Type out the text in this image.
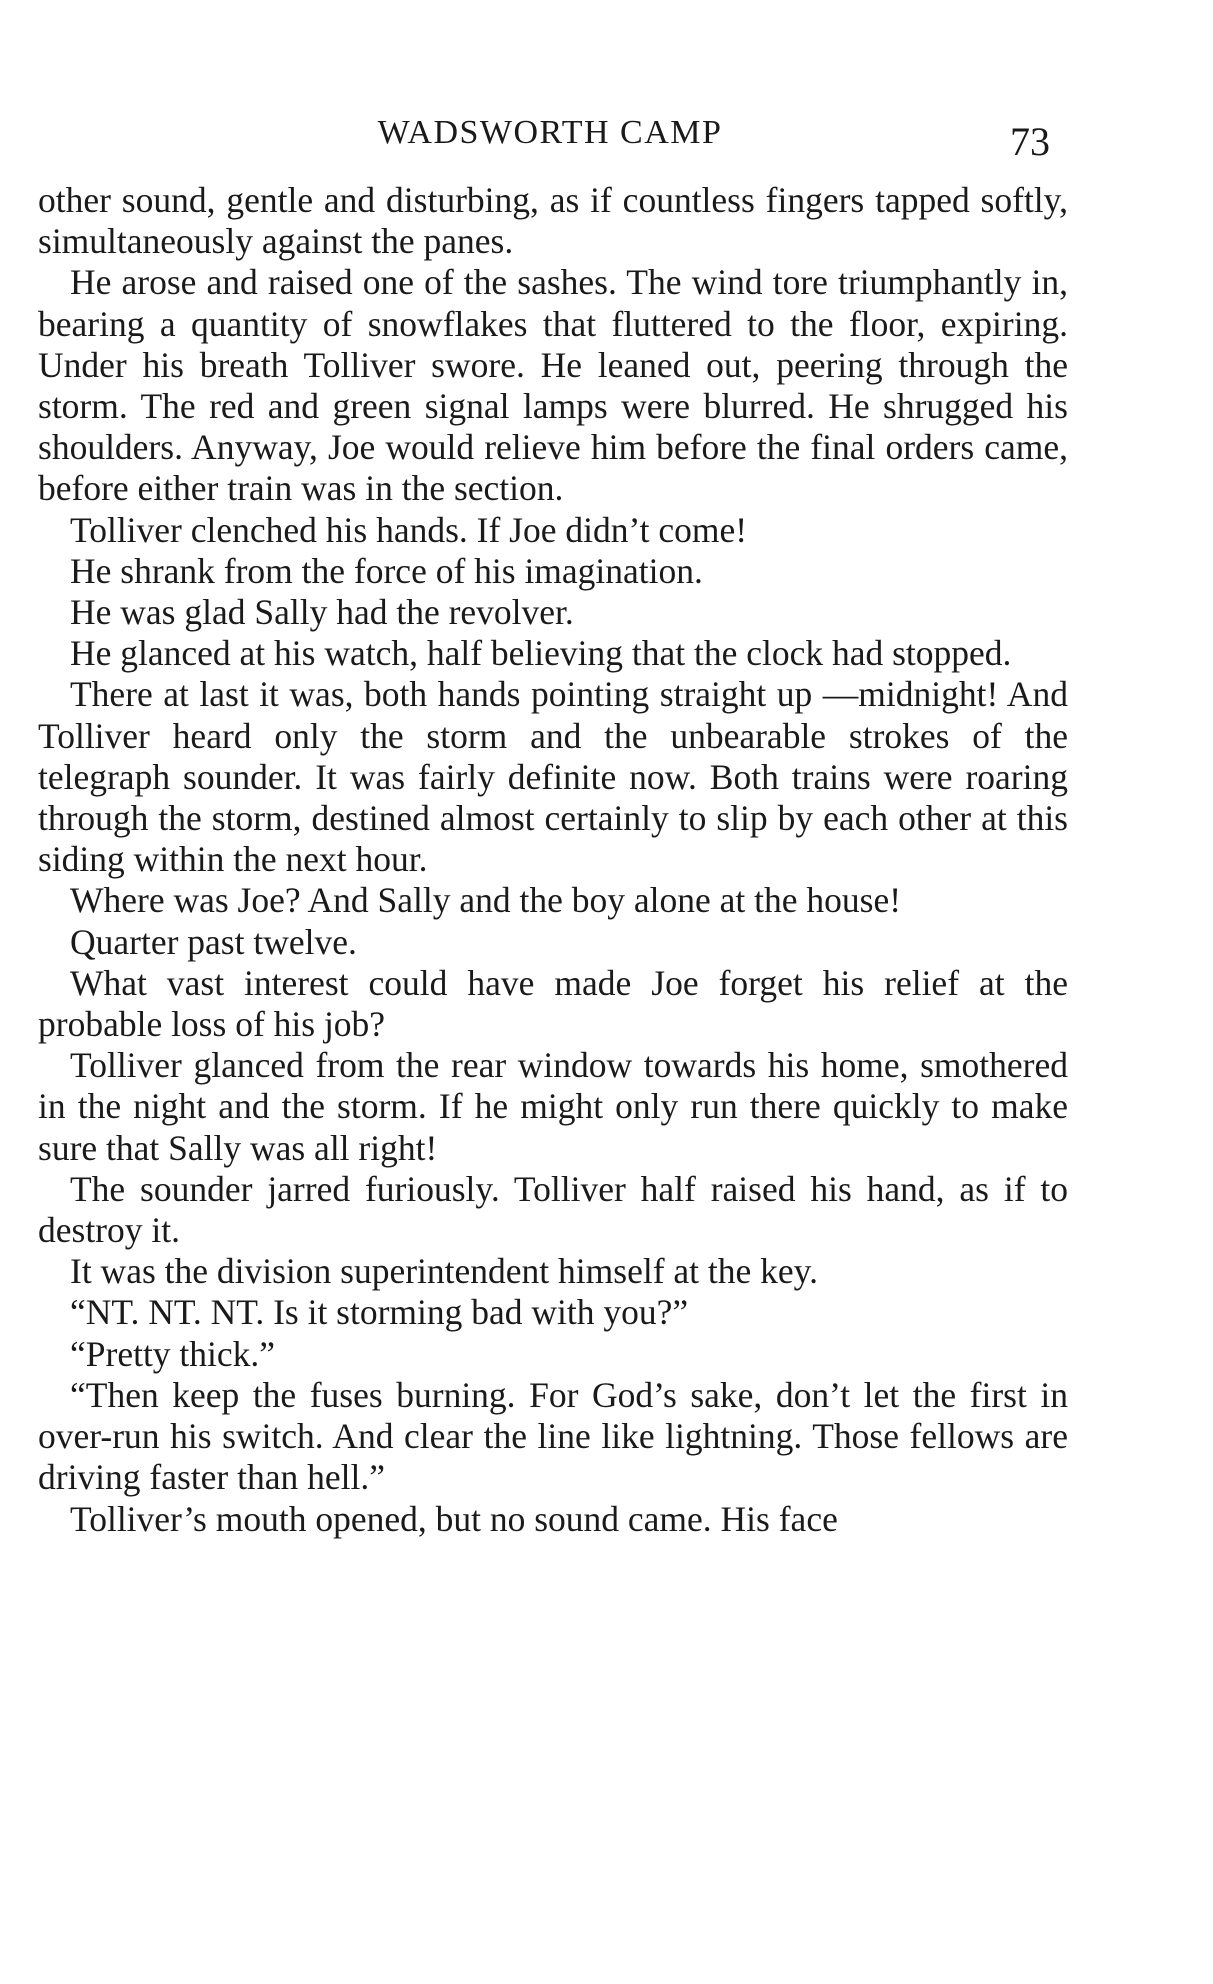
WADSWORTH CAMP	73

other sound, gentle and disturbing, as if countless fingers tapped softly, simultaneously against the panes.

He arose and raised one of the sashes. The wind tore triumphantly in, bearing a quantity of snowflakes that fluttered to the floor, expiring. Under his breath Tolliver swore. He leaned out, peering through the storm. The red and green signal lamps were blurred. He shrugged his shoulders. Anyway, Joe would relieve him before the final orders came, before either train was in the section.

Tolliver clenched his hands. If Joe didn’t come!

He shrank from the force of his imagination.

He was glad Sally had the revolver.

He glanced at his watch, half believing that the clock had stopped.

There at last it was, both hands pointing straight up —midnight! And Tolliver heard only the storm and the unbearable strokes of the telegraph sounder. It was fairly definite now. Both trains were roaring through the storm, destined almost certainly to slip by each other at this siding within the next hour.

Where was Joe? And Sally and the boy alone at the house!

Quarter past twelve.

What vast interest could have made Joe forget his relief at the probable loss of his job?

Tolliver glanced from the rear window towards his home, smothered in the night and the storm. If he might only run there quickly to make sure that Sally was all right!

The sounder jarred furiously. Tolliver half raised his hand, as if to destroy it.

It was the division superintendent himself at the key.

“NT. NT. NT. Is it storming bad with you?”

“Pretty thick.”

“Then keep the fuses burning. For God’s sake, don’t let the first in over-run his switch. And clear the line like lightning. Those fellows are driving faster than hell.”

Tolliver’s mouth opened, but no sound came. His face
